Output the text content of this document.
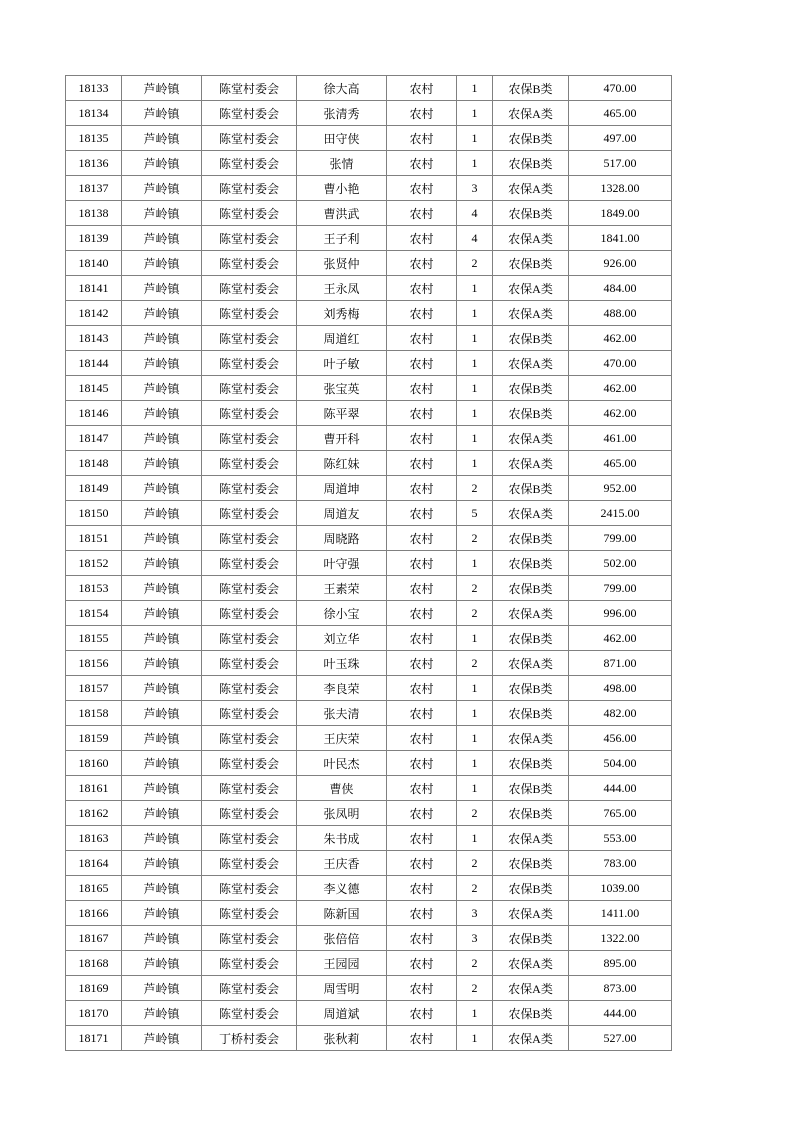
18133	芦岭镇	陈堂村委会	徐大高	农村	1	农保B类	470.00
18134	芦岭镇	陈堂村委会	张清秀	农村	1	农保A类	465.00
18135	芦岭镇	陈堂村委会	田守侠	农村	1	农保B类	497.00
18136	芦岭镇	陈堂村委会	张情	农村	1	农保B类	517.00
18137	芦岭镇	陈堂村委会	曹小艳	农村	3	农保A类	1328.00
18138	芦岭镇	陈堂村委会	曹洪武	农村	4	农保B类	1849.00
18139	芦岭镇	陈堂村委会	王子利	农村	4	农保A类	1841.00
18140	芦岭镇	陈堂村委会	张贤仲	农村	2	农保B类	926.00
18141	芦岭镇	陈堂村委会	王永凤	农村	1	农保A类	484.00
18142	芦岭镇	陈堂村委会	刘秀梅	农村	1	农保A类	488.00
18143	芦岭镇	陈堂村委会	周道红	农村	1	农保B类	462.00
18144	芦岭镇	陈堂村委会	叶子敏	农村	1	农保A类	470.00
18145	芦岭镇	陈堂村委会	张宝英	农村	1	农保B类	462.00
18146	芦岭镇	陈堂村委会	陈平翠	农村	1	农保B类	462.00
18147	芦岭镇	陈堂村委会	曹开科	农村	1	农保A类	461.00
18148	芦岭镇	陈堂村委会	陈红妹	农村	1	农保A类	465.00
18149	芦岭镇	陈堂村委会	周道坤	农村	2	农保B类	952.00
18150	芦岭镇	陈堂村委会	周道友	农村	5	农保A类	2415.00
18151	芦岭镇	陈堂村委会	周晓路	农村	2	农保B类	799.00
18152	芦岭镇	陈堂村委会	叶守强	农村	1	农保B类	502.00
18153	芦岭镇	陈堂村委会	王素荣	农村	2	农保B类	799.00
18154	芦岭镇	陈堂村委会	徐小宝	农村	2	农保A类	996.00
18155	芦岭镇	陈堂村委会	刘立华	农村	1	农保B类	462.00
18156	芦岭镇	陈堂村委会	叶玉珠	农村	2	农保A类	871.00
18157	芦岭镇	陈堂村委会	李良荣	农村	1	农保B类	498.00
18158	芦岭镇	陈堂村委会	张夫清	农村	1	农保B类	482.00
18159	芦岭镇	陈堂村委会	王庆荣	农村	1	农保A类	456.00
18160	芦岭镇	陈堂村委会	叶民杰	农村	1	农保B类	504.00
18161	芦岭镇	陈堂村委会	曹侠	农村	1	农保B类	444.00
18162	芦岭镇	陈堂村委会	张凤明	农村	2	农保B类	765.00
18163	芦岭镇	陈堂村委会	朱书成	农村	1	农保A类	553.00
18164	芦岭镇	陈堂村委会	王庆香	农村	2	农保B类	783.00
18165	芦岭镇	陈堂村委会	李义德	农村	2	农保B类	1039.00
18166	芦岭镇	陈堂村委会	陈新国	农村	3	农保A类	1411.00
18167	芦岭镇	陈堂村委会	张倍倍	农村	3	农保B类	1322.00
18168	芦岭镇	陈堂村委会	王园园	农村	2	农保A类	895.00
18169	芦岭镇	陈堂村委会	周雪明	农村	2	农保A类	873.00
18170	芦岭镇	陈堂村委会	周道斌	农村	1	农保B类	444.00
18171	芦岭镇	丁桥村委会	张秋莉	农村	1	农保A类	527.00
